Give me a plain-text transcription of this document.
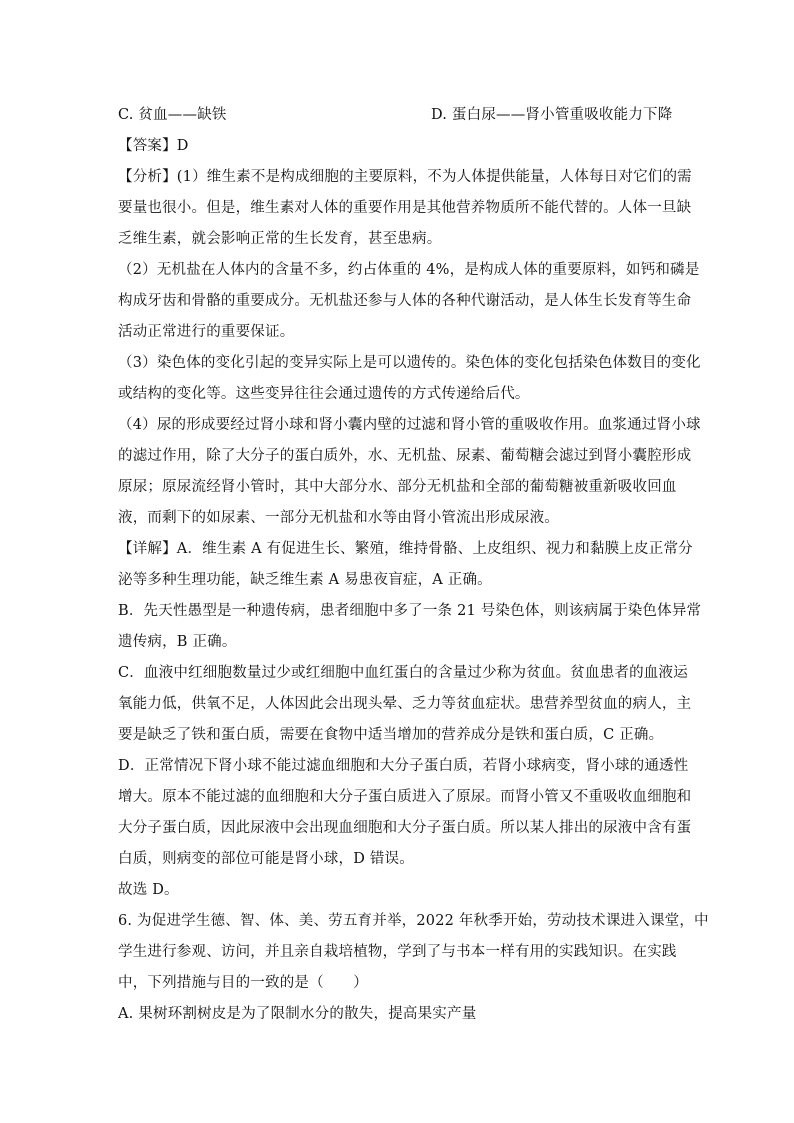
C. 贫血——缺铁	D. 蛋白尿——肾小管重吸收能力下降
【答案】D
【分析】(1）维生素不是构成细胞的主要原料，不为人体提供能量，人体每日对它们的需
要量也很小。但是，维生素对人体的重要作用是其他营养物质所不能代替的。人体一旦缺
乏维生素，就会影响正常的生长发育，甚至患病。
（2）无机盐在人体内的含量不多，约占体重的 4%，是构成人体的重要原料，如钙和磷是
构成牙齿和骨骼的重要成分。无机盐还参与人体的各种代谢活动，是人体生长发育等生命
活动正常进行的重要保证。
（3）染色体的变化引起的变异实际上是可以遗传的。染色体的变化包括染色体数目的变化
或结构的变化等。这些变异往往会通过遗传的方式传递给后代。
（4）尿的形成要经过肾小球和肾小囊内壁的过滤和肾小管的重吸收作用。血浆通过肾小球
的滤过作用，除了大分子的蛋白质外，水、无机盐、尿素、葡萄糖会滤过到肾小囊腔形成
原尿；原尿流经肾小管时，其中大部分水、部分无机盐和全部的葡萄糖被重新吸收回血
液，而剩下的如尿素、一部分无机盐和水等由肾小管流出形成尿液。
【详解】A．维生素 A 有促进生长、繁殖，维持骨骼、上皮组织、视力和黏膜上皮正常分
泌等多种生理功能，缺乏维生素 A 易患夜盲症，A 正确。
B．先天性愚型是一种遗传病，患者细胞中多了一条 21 号染色体，则该病属于染色体异常
遗传病，B 正确。
C．血液中红细胞数量过少或红细胞中血红蛋白的含量过少称为贫血。贫血患者的血液运
氧能力低，供氧不足，人体因此会出现头晕、乏力等贫血症状。患营养型贫血的病人，主
要是缺乏了铁和蛋白质，需要在食物中适当增加的营养成分是铁和蛋白质，C 正确。
D．正常情况下肾小球不能过滤血细胞和大分子蛋白质，若肾小球病变，肾小球的通透性
增大。原本不能过滤的血细胞和大分子蛋白质进入了原尿。而肾小管又不重吸收血细胞和
大分子蛋白质，因此尿液中会出现血细胞和大分子蛋白质。所以某人排出的尿液中含有蛋
白质，则病变的部位可能是肾小球，D 错误。
故选 D。
6. 为促进学生德、智、体、美、劳五育并举，2022 年秋季开始，劳动技术课进入课堂，中
学生进行参观、访问，并且亲自栽培植物，学到了与书本一样有用的实践知识。在实践
中，下列措施与目的一致的是（　　）
A. 果树环割树皮是为了限制水分的散失，提高果实产量
